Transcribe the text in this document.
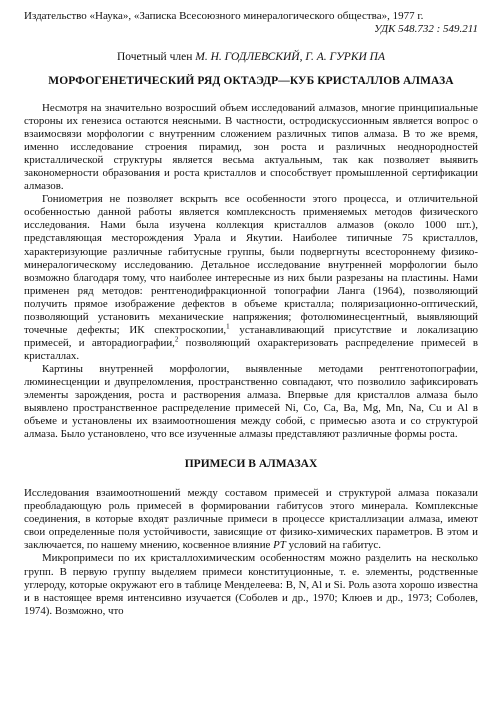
Издательство «Наука», «Записка Всесоюзного минералогического общества», 1977 г.
УДК 548.732 : 549.211
Почетный член М. Н. ГОДЛЕВСКИЙ, Г. А. ГУРКИ ПА
МОРФОГЕНЕТИЧЕСКИЙ РЯД ОКТАЭДР—КУБ КРИСТАЛЛОВ АЛМАЗА

Несмотря на значительно возросший объем исследований алмазов, многие принципиальные стороны их генезиса остаются неясными. В частности, остродискуссионным является вопрос о взаимосвязи морфологии с внутренним сложением различных типов алмаза. В то же время, именно исследование строения пирамид, зон роста и различных неоднородностей кристаллической структуры является весьма актуальным, так как позволяет выявить закономерности образования и роста кристаллов и способствует промышленной сертификации алмазов.

Гониометрия не позволяет вскрыть все особенности этого процесса, и отличительной особенностью данной работы является комплексность применяемых методов физического исследования. Нами была изучена коллекция кристаллов алмазов (около 1000 шт.), представляющая месторождения Урала и Якутии. Наиболее типичные 75 кристаллов, характеризующие различные габитусные группы, были подвергнуты всестороннему физико-минералогическому исследованию. Детальное исследование внутренней морфологии было возможно благодаря тому, что наиболее интересные из них были разрезаны на пластины. Нами применен ряд методов: рентгенодифракционной топографии Ланга (1964), позволяющий получить прямое изображение дефектов в объеме кристалла; поляризационно-оптический, позволяющий установить механические напряжения; фотолюминесцентный, выявляющий точечные дефекты; ИК спектроскопии,$^1$ устанавливающий присутствие и локализацию примесей, и авторадиографии,$^2$ позволяющий охарактеризовать распределение примесей в кристаллах.

Картины внутренней морфологии, выявленные методами рентгенотопографии, люминесценции и двупреломления, пространственно совпадают, что позволило зафиксировать элементы зарождения, роста и растворения алмаза. Впервые для кристаллов алмаза было выявлено пространственное распределение примесей Ni, Co, Ca, Ba, Mg, Mn, Na, Cu и Al в объеме и установлены их взаимоотношения между собой, с примесью азота и со структурой алмаза. Было установлено, что все изученные алмазы представляют различные формы роста.

ПРИМЕСИ В АЛМАЗАХ

Исследования взаимоотношений между составом примесей и структурой алмаза показали преобладающую роль примесей в формировании габитусов этого минерала. Комплексные соединения, в которые входят различные примеси в процессе кристаллизации алмаза, имеют свои определенные поля устойчивости, зависящие от физико-химических параметров. В этом и заключается, по нашему мнению, косвенное влияние PT условий на габитус.

Микропримеси по их кристаллохимическим особенностям можно разделить на несколько групп. В первую группу выделяем примеси конституционные, т. е. элементы, родственные углероду, которые окружают его в таблице Менделеева: B, N, Al и Si. Роль азота хорошо известна и в настоящее время интенсивно изучается (Соболев и др., 1970; Клюев и др., 1973; Соболев, 1974). Возможно, что
